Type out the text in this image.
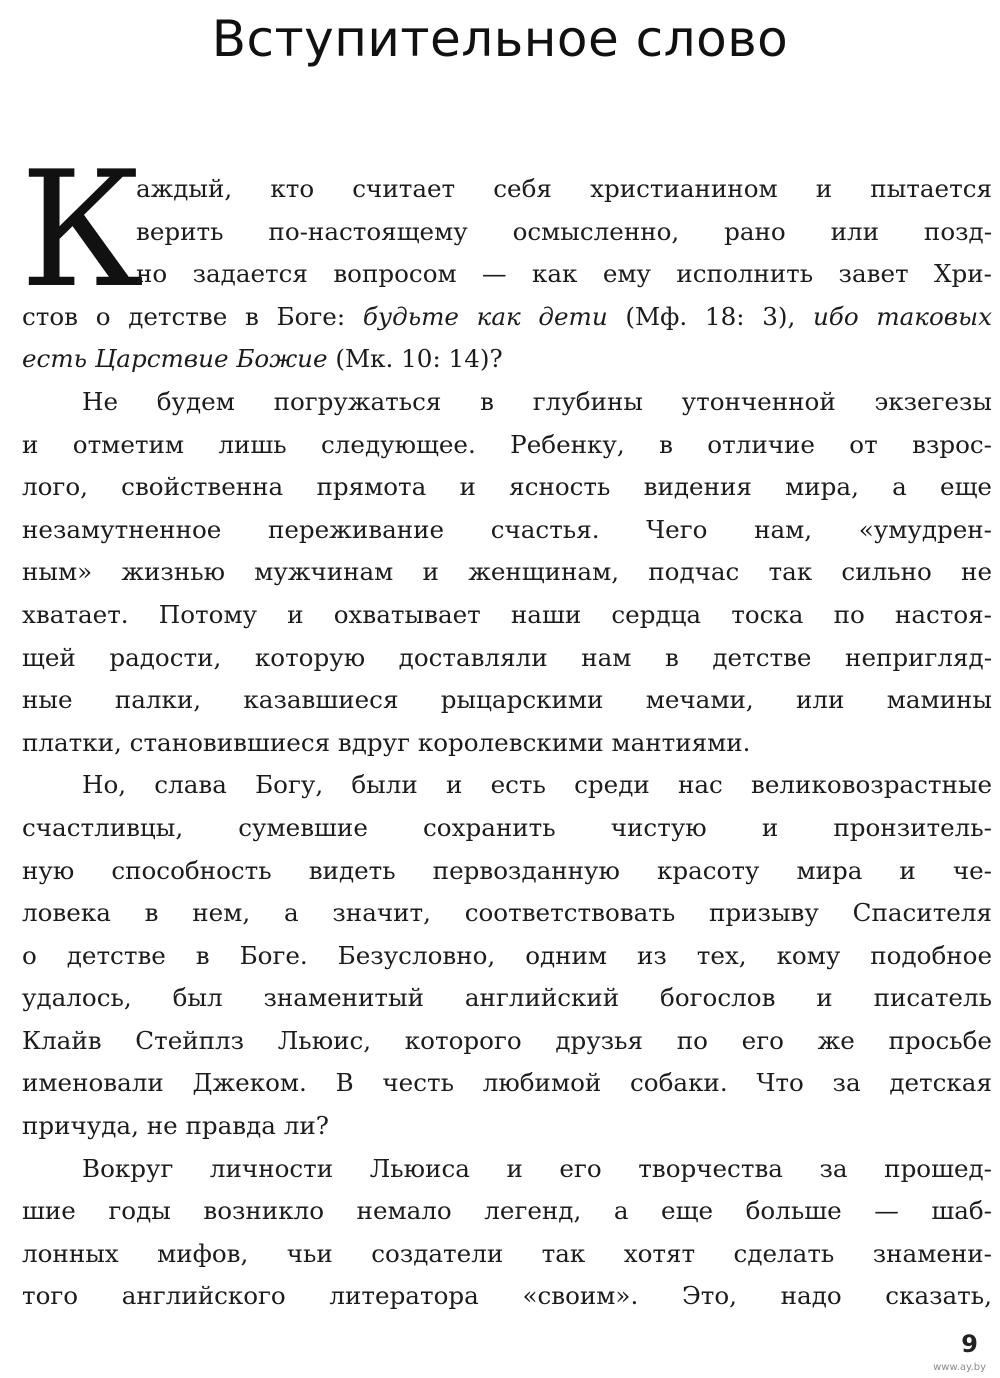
Вступительное слово
К
аждый, кто считает себя христианином и пытается
верить по-настоящему осмысленно, рано или позд-
но задается вопросом — как ему исполнить завет Хри-
стов о детстве в Боге: будьте как дети (Мф. 18: 3), ибо таковых
есть Царствие Божие (Мк. 10: 14)?
Не будем погружаться в глубины утонченной экзегезы
и отметим лишь следующее. Ребенку, в отличие от взрос-
лого, свойственна прямота и ясность видения мира, а еще
незамутненное переживание счастья. Чего нам, «умудрен-
ным» жизнью мужчинам и женщинам, подчас так сильно не
хватает. Потому и охватывает наши сердца тоска по настоя-
щей радости, которую доставляли нам в детстве непригляд-
ные палки, казавшиеся рыцарскими мечами, или мамины
платки, становившиеся вдруг королевскими мантиями.
Но, слава Богу, были и есть среди нас великовозрастные
счастливцы, сумевшие сохранить чистую и пронзитель-
ную способность видеть первозданную красоту мира и че-
ловека в нем, а значит, соответствовать призыву Спасителя
о детстве в Боге. Безусловно, одним из тех, кому подобное
удалось, был знаменитый английский богослов и писатель
Клайв Стейплз Льюис, которого друзья по его же просьбе
именовали Джеком. В честь любимой собаки. Что за детская
причуда, не правда ли?
Вокруг личности Льюиса и его творчества за прошед-
шие годы возникло немало легенд, а еще больше — шаб-
лонных мифов, чьи создатели так хотят сделать знамени-
того английского литератора «своим». Это, надо сказать,
9
www.ay.by
